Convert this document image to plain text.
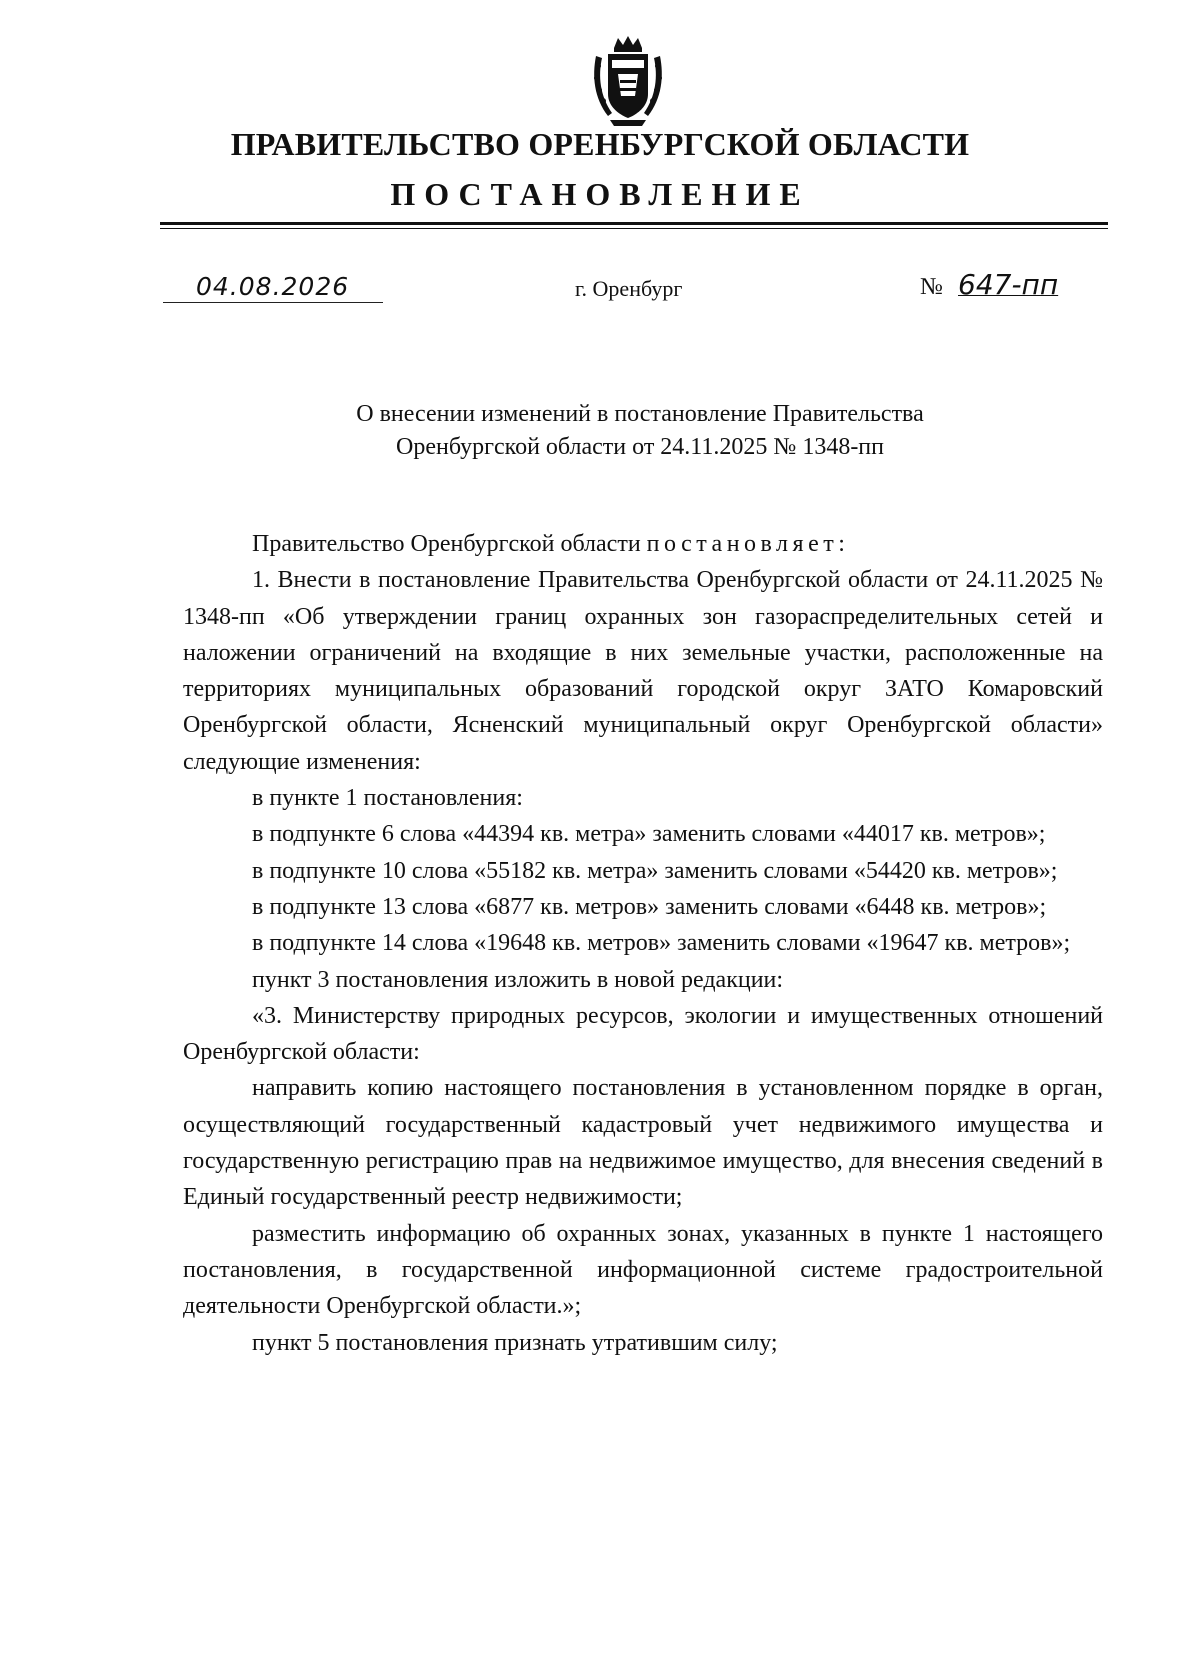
ПРАВИТЕЛЬСТВО ОРЕНБУРГСКОЙ ОБЛАСТИ
ПОСТАНОВЛЕНИЕ
04.08.2026	г. Оренбург	№ 647-пп
О внесении изменений в постановление Правительства
Оренбургской области от 24.11.2025 № 1348-пп

Правительство Оренбургской области постановляет:

1. Внести в постановление Правительства Оренбургской области от 24.11.2025 № 1348-пп «Об утверждении границ охранных зон газораспределительных сетей и наложении ограничений на входящие в них земельные участки, расположенные на территориях муниципальных образований городской округ ЗАТО Комаровский Оренбургской области, Ясненский муниципальный округ Оренбургской области» следующие изменения:

в пункте 1 постановления:

в подпункте 6 слова «44394 кв. метра» заменить словами «44017 кв. метров»;

в подпункте 10 слова «55182 кв. метра» заменить словами «54420 кв. метров»;

в подпункте 13 слова «6877 кв. метров» заменить словами «6448 кв. метров»;

в подпункте 14 слова «19648 кв. метров» заменить словами «19647 кв. метров»;

пункт 3 постановления изложить в новой редакции:

«3. Министерству природных ресурсов, экологии и имущественных отношений Оренбургской области:

направить копию настоящего постановления в установленном порядке в орган, осуществляющий государственный кадастровый учет недвижимого имущества и государственную регистрацию прав на недвижимое имущество, для внесения сведений в Единый государственный реестр недвижимости;

разместить информацию об охранных зонах, указанных в пункте 1 настоящего постановления, в государственной информационной системе градостроительной деятельности Оренбургской области.»;

пункт 5 постановления признать утратившим силу;
